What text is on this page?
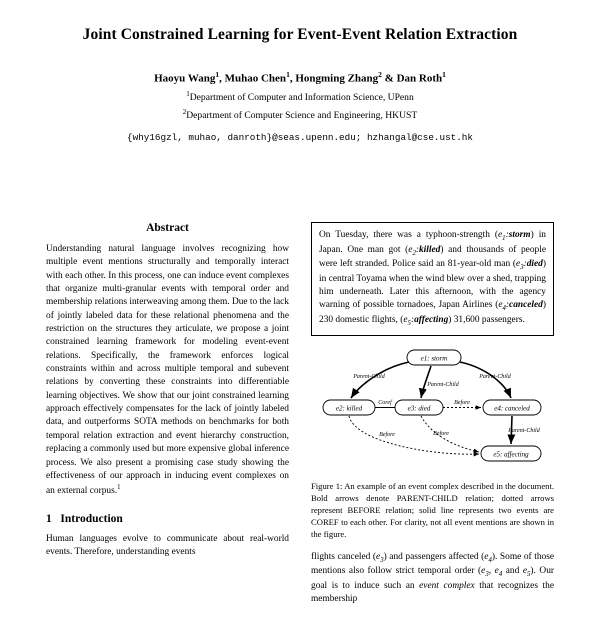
Joint Constrained Learning for Event-Event Relation Extraction
Haoyu Wang$^1$, Muhao Chen$^1$, Hongming Zhang$^2$ & Dan Roth$^1$
$^1$Department of Computer and Information Science, UPenn
$^2$Department of Computer Science and Engineering, HKUST
{why16gzl, muhao, danroth}@seas.upenn.edu; hzhangal@cse.ust.hk
Abstract

Understanding natural language involves recognizing how multiple event mentions structurally and temporally interact with each other. In this process, one can induce event complexes that organize multi-granular events with temporal order and membership relations interweaving among them. Due to the lack of jointly labeled data for these relational phenomena and the restriction on the structures they articulate, we propose a joint constrained learning framework for modeling event-event relations. Specifically, the framework enforces logical constraints within and across multiple temporal and subevent relations by converting these constraints into differentiable learning objectives. We show that our joint constrained learning approach effectively compensates for the lack of jointly labeled data, and outperforms SOTA methods on benchmarks for both temporal relation extraction and event hierarchy construction, replacing a commonly used but more expensive global inference process. We also present a promising case study showing the effectiveness of our approach in inducing event complexes on an external corpus.$^1$

1 Introduction

Human languages evolve to communicate about real-world events. Therefore, understanding events

On Tuesday, there was a typhoon-strength $(e_1:storm)$ in Japan. One man got $(e_2:killed)$ and thousands of people were left stranded. Police said an 81-year-old man $(e_3:died)$ in central Toyama when the wind blew over a shed, trapping him underneath. Later this afternoon, with the agency warning of possible tornadoes, Japan Airlines $(e_4:canceled)$ 230 domestic flights, $(e_5:affecting)$ 31,600 passengers.
e1: storm
e2: killed	e3: died	e4: canceled
e5: affecting
Parent-Child
Parent-Child
Parent-Child
Coref	Before
Before	Before	Parent-Child
Figure 1: An example of an event complex described in the document. Bold arrows denote PARENT-CHILD relation; dotted arrows represent BEFORE relation; solid line represents two events are COREF to each other. For clarity, not all event mentions are shown in the figure.
flights canceled $(e_3)$ and passengers affected $(e_4)$. Some of those mentions also follow strict temporal order ($e_3$, $e_4$ and $e_5$). Our goal is to induce such an event complex that recognizes the membership
